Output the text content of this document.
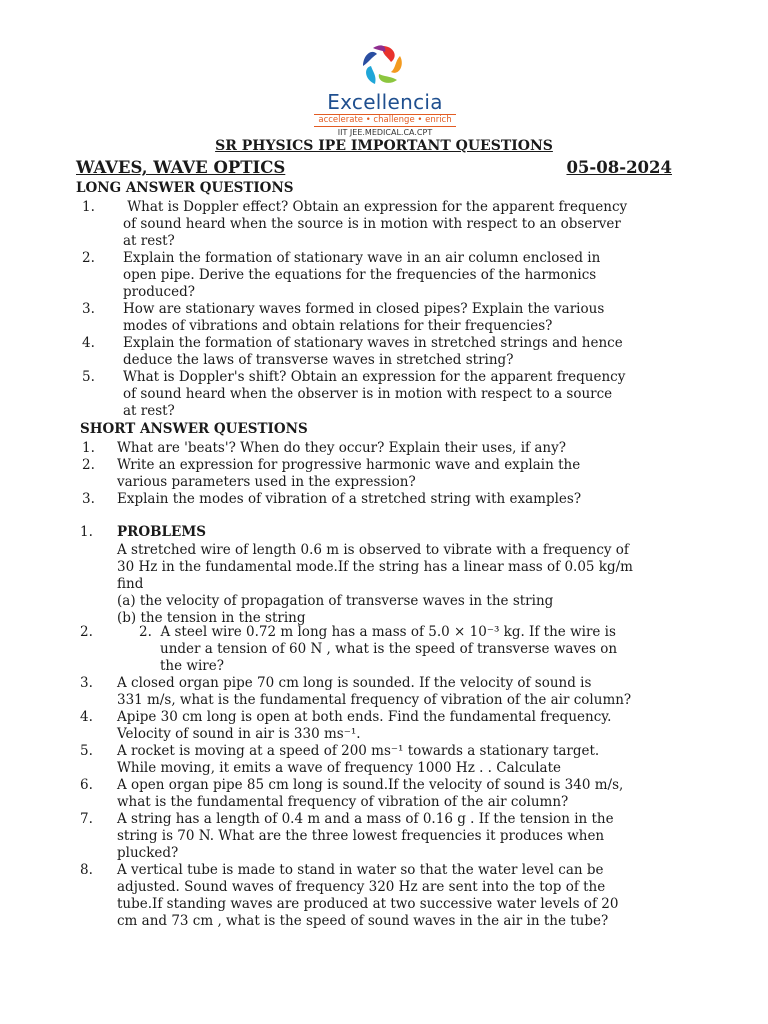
Excellencia
accelerate • challenge • enrich
IIT JEE.MEDICAL.CA.CPT
SR PHYSICS IPE IMPORTANT QUESTIONS
WAVES, WAVE OPTICS	05-08-2024
LONG ANSWER QUESTIONS
1.	What is Doppler effect? Obtain an expression for the apparent frequency
of sound heard when the source is in motion with respect to an observer
at rest?
2.	Explain the formation of stationary wave in an air column enclosed in
open pipe. Derive the equations for the frequencies of the harmonics
produced?
3.	How are stationary waves formed in closed pipes? Explain the various
modes of vibrations and obtain relations for their frequencies?
4.	Explain the formation of stationary waves in stretched strings and hence
deduce the laws of transverse waves in stretched string?
5.	What is Doppler's shift? Obtain an expression for the apparent frequency
of sound heard when the observer is in motion with respect to a source
at rest?
SHORT ANSWER QUESTIONS
1.	What are 'beats'? When do they occur? Explain their uses, if any?
2.	Write an expression for progressive harmonic wave and explain the
various parameters used in the expression?
3.	Explain the modes of vibration of a stretched string with examples?
1. PROBLEMS
A stretched wire of length 0.6 m is observed to vibrate with a frequency of
30 Hz in the fundamental mode.If the string has a linear mass of 0.05 kg/m
find
(a) the velocity of propagation of transverse waves in the string
(b) the tension in the string
2.	2.  A steel wire 0.72 m long has a mass of 5.0 × 10⁻³ kg. If the wire is
under a tension of 60 N , what is the speed of transverse waves on
the wire?
3. A closed organ pipe 70 cm long is sounded. If the velocity of sound is
331 m/s, what is the fundamental frequency of vibration of the air column?
4. Apipe 30 cm long is open at both ends. Find the fundamental frequency.
Velocity of sound in air is 330 ms⁻¹.
5. A rocket is moving at a speed of 200 ms⁻¹ towards a stationary target.
While moving, it emits a wave of frequency 1000 Hz . . Calculate
6. A open organ pipe 85 cm long is sound.If the velocity of sound is 340 m/s,
what is the fundamental frequency of vibration of the air column?
7. A string has a length of 0.4 m and a mass of 0.16 g . If the tension in the
string is 70 N. What are the three lowest frequencies it produces when
plucked?
8. A vertical tube is made to stand in water so that the water level can be
adjusted. Sound waves of frequency 320 Hz are sent into the top of the
tube.If standing waves are produced at two successive water levels of 20
cm and 73 cm , what is the speed of sound waves in the air in the tube?
